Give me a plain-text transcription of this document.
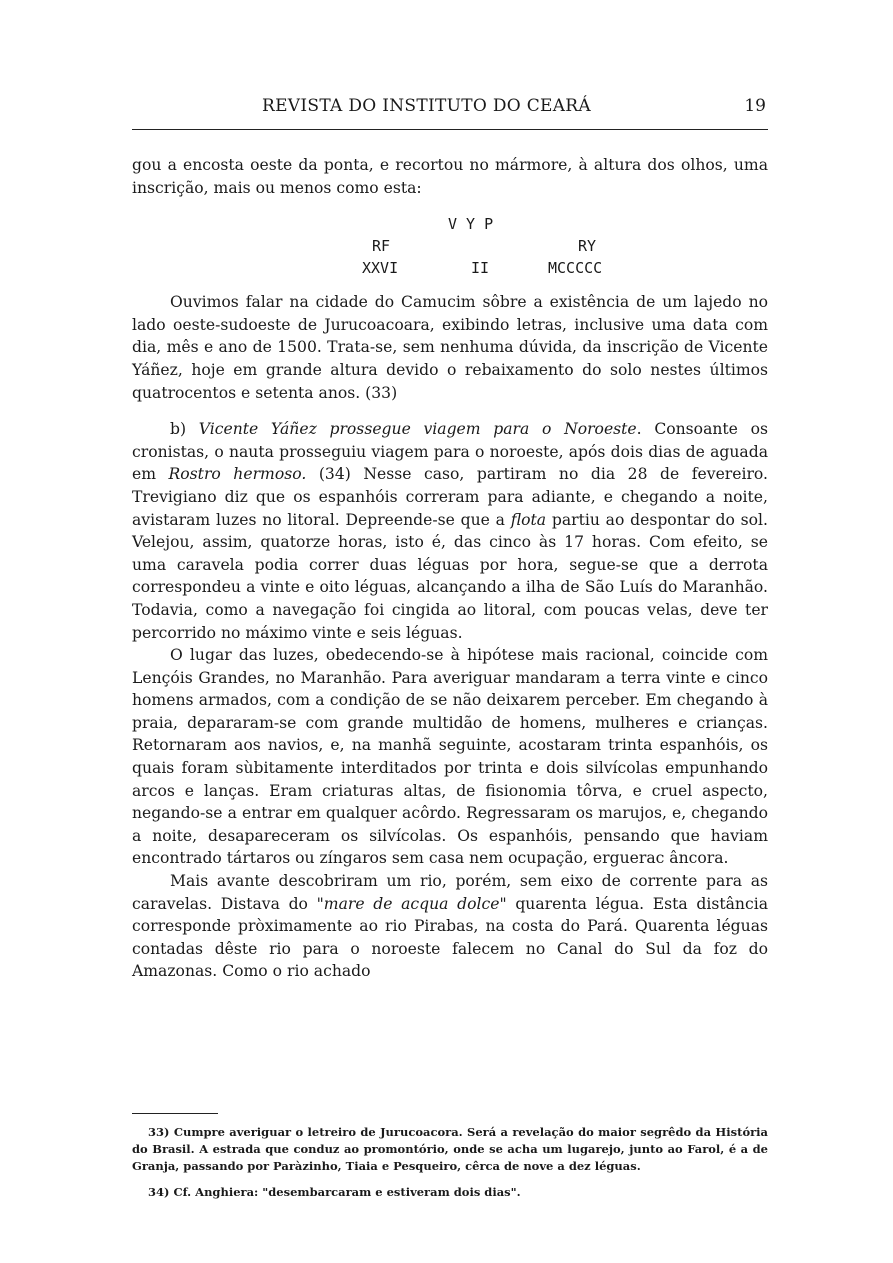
REVISTA DO INSTITUTO DO CEARÁ	19

gou a encosta oeste da ponta, e recortou no mármore, à altura dos olhos, uma inscrição, mais ou menos como esta:

V Y P
RF	RY
XXVI	II	MCCCCC

Ouvimos falar na cidade do Camucim sôbre a existência de um lajedo no lado oeste-sudoeste de Jurucoacoara, exibindo letras, inclusive uma data com dia, mês e ano de 1500. Trata-se, sem nenhuma dúvida, da inscrição de Vicente Yáñez, hoje em grande altura devido o rebaixamento do solo nestes últimos quatrocentos e setenta anos. (33)

b) Vicente Yáñez prossegue viagem para o Noroeste. Consoante os cronistas, o nauta prosseguiu viagem para o noroeste, após dois dias de aguada em Rostro hermoso. (34) Nesse caso, partiram no dia 28 de fevereiro. Trevigiano diz que os espanhóis correram para adiante, e chegando a noite, avistaram luzes no litoral. Depreende-se que a flota partiu ao despontar do sol. Velejou, assim, quatorze horas, isto é, das cinco às 17 horas. Com efeito, se uma caravela podia correr duas léguas por hora, segue-se que a derrota correspondeu a vinte e oito léguas, alcançando a ilha de São Luís do Maranhão. Todavia, como a navegação foi cingida ao litoral, com poucas velas, deve ter percorrido no máximo vinte e seis léguas.

O lugar das luzes, obedecendo-se à hipótese mais racional, coincide com Lençóis Grandes, no Maranhão. Para averiguar mandaram a terra vinte e cinco homens armados, com a condição de se não deixarem perceber. Em chegando à praia, depararam-se com grande multidão de homens, mulheres e crianças. Retornaram aos navios, e, na manhã seguinte, acostaram trinta espanhóis, os quais foram sùbitamente interditados por trinta e dois silvícolas empunhando arcos e lanças. Eram criaturas altas, de fisionomia tôrva, e cruel aspecto, negando-se a entrar em qualquer acôrdo. Regressaram os marujos, e, chegando a noite, desapareceram os silvícolas. Os espanhóis, pensando que haviam encontrado tártaros ou zíngaros sem casa nem ocupação, erguerac âncora.

Mais avante descobriram um rio, porém, sem eixo de corrente para as caravelas. Distava do "mare de acqua dolce" quarenta légua. Esta distância corresponde pròximamente ao rio Pirabas, na costa do Pará. Quarenta léguas contadas dêste rio para o noroeste falecem no Canal do Sul da foz do Amazonas. Como o rio achado

33) Cumpre averiguar o letreiro de Jurucoacora. Será a revelação do maior segrêdo da História do Brasil. A estrada que conduz ao promontório, onde se acha um lugarejo, junto ao Farol, é a de Granja, passando por Paràzinho, Tiaia e Pesqueiro, cêrca de nove a dez léguas.

34) Cf. Anghiera: "desembarcaram e estiveram dois dias".
